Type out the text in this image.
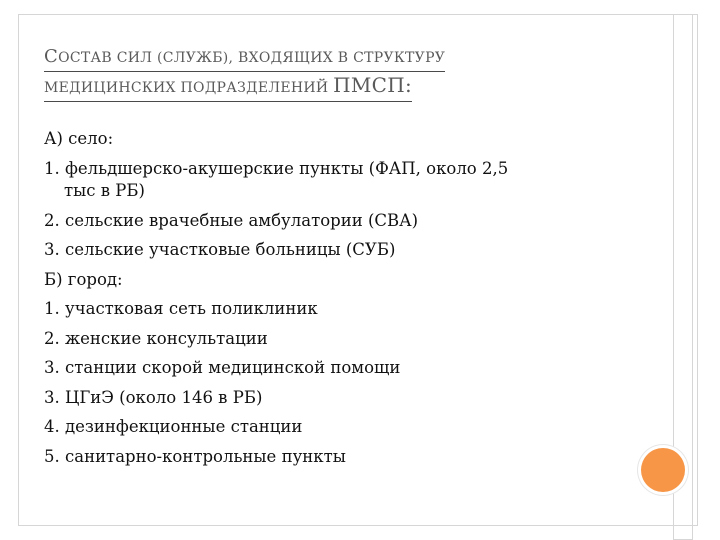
СОСТАВ СИЛ (СЛУЖБ), ВХОДЯЩИХ В СТРУКТУРУ
МЕДИЦИНСКИХ ПОДРАЗДЕЛЕНИЙ ПМСП:
А) село:
1. фельдшерско-акушерские пункты (ФАП, около 2,5
тыс в РБ)
2. сельские врачебные амбулатории (СВА)
3. сельские участковые больницы (СУБ)
Б) город:
1. участковая сеть поликлиник
2. женские консультации
3. станции скорой медицинской помощи
3. ЦГиЭ (около 146 в РБ)
4. дезинфекционные станции
5. санитарно-контрольные пункты
